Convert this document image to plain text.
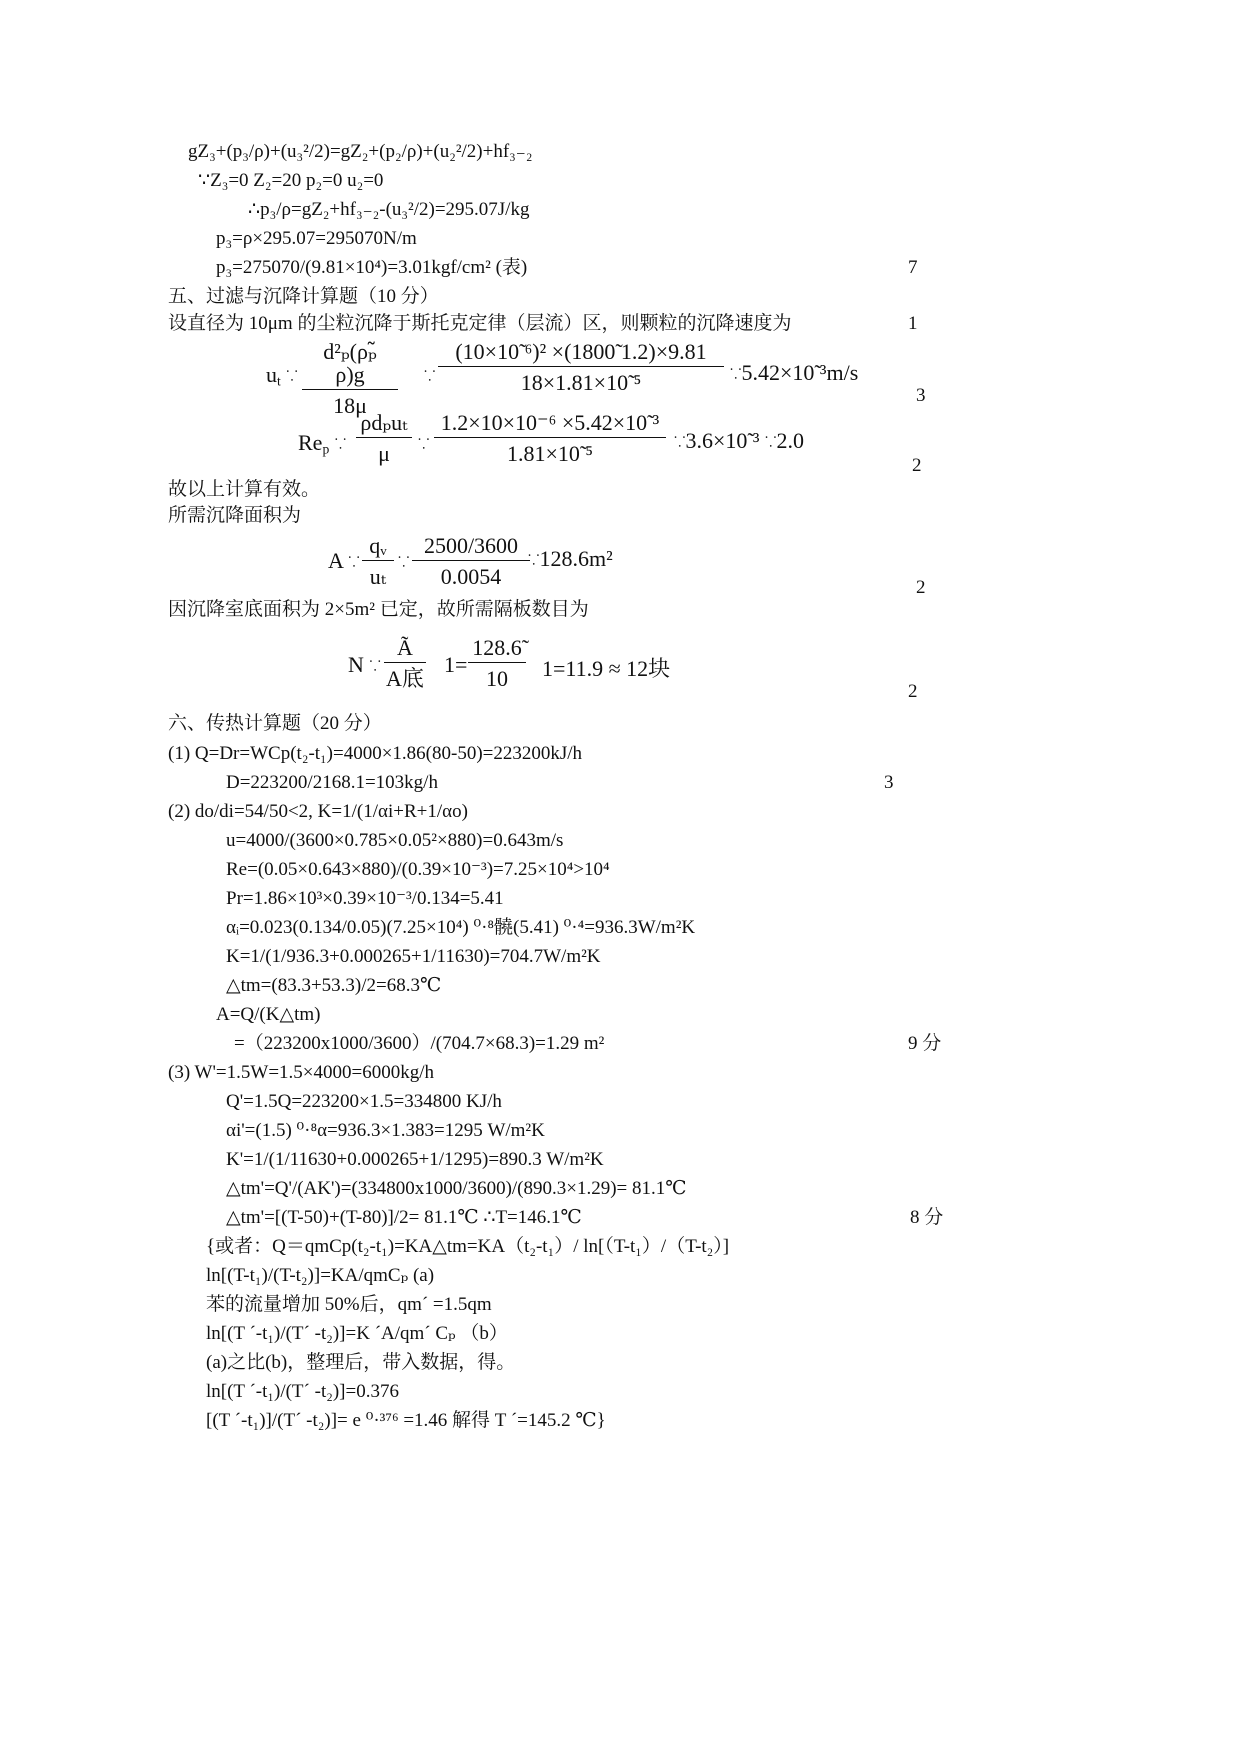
gZ₃+(p₃/ρ)+(u₃²/2)=gZ₂+(p₂/ρ)+(u₂²/2)+hf₃₋₂
∵Z₃=0 Z₂=20 p₂=0 u₂=0
∴p₃/ρ=gZ₂+hf₃₋₂-(u₃²/2)=295.07J/kg
p₃=ρ×295.07=295070N/m
p₃=275070/(9.81×10⁴)=3.01kgf/cm² (表)	7
五、过滤与沉降计算题（10 分）
设直径为 10μm 的尘粒沉降于斯托克定律（层流）区，则颗粒的沉降速度为	1
$u_t$ ⸪ $\frac{\text{d²ₚ(ρₚ̃ ρ)g}}{18\mu}$ ⸪ $\frac{\text{(10×10̃ ⁶)² ×(1800̃ 1.2)×9.81}}{\text{18×1.81×10̃ ⁵}}$ ⸪5.42×10̃ ³m/s
3
$Re_p$ ⸪
ρdₚuₜ
μ	⸪ $\frac{\text{1.2×10×10⁻⁶ ×5.42×10̃ ³}}{\text{1.81×10̃ ⁵}}$ ⸪3.6×10̃ ³ ⸪2.0
2
故以上计算有效。
所需沉降面积为
A ⸪ $\frac{\text{qᵥ}}{\text{uₜ}}$ ⸪ $\frac{2500/3600}{0.0054}$
⸪128.6m²
2
因沉降室底面积为 2×5m² 已定，故所需隔板数目为
N ⸪
Ã
A底
$1= \frac{128.6̃}{10} 1=11.9 \approx 12$块
2
六、传热计算题（20 分）
(1) Q=Dr=WCp(t₂-t₁)=4000×1.86(80-50)=223200kJ/h
D=223200/2168.1=103kg/h	3
(2) do/di=54/50<2, K=1/(1/αi+R+1/αo)
u=4000/(3600×0.785×0.05²×880)=0.643m/s
Re=(0.05×0.643×880)/(0.39×10⁻³)=7.25×10⁴>10⁴
Pr=1.86×10³×0.39×10⁻³/0.134=5.41
αᵢ=0.023(0.134/0.05)(7.25×10⁴) ⁰·⁸髐(5.41) ⁰·⁴=936.3W/m²K
K=1/(1/936.3+0.000265+1/11630)=704.7W/m²K
△tm=(83.3+53.3)/2=68.3℃
A=Q/(K△tm)
=（223200x1000/3600）/(704.7×68.3)=1.29 m²	9 分
(3) W'=1.5W=1.5×4000=6000kg/h
Q'=1.5Q=223200×1.5=334800 KJ/h
αi'=(1.5) ⁰·⁸α=936.3×1.383=1295 W/m²K
K'=1/(1/11630+0.000265+1/1295)=890.3 W/m²K
△tm'=Q'/(AK')=(334800x1000/3600)/(890.3×1.29)= 81.1℃
△tm'=[(T-50)+(T-80)]/2= 81.1℃ ∴T=146.1℃	8 分
{或者：Q＝qmCp(t₂-t₁)=KA△tm=KA（t₂-t₁）/ ln[（T-t₁）/（T-t₂）]
ln[(T-t₁)/(T-t₂)]=KA/qmCₚ (a)
苯的流量增加 50%后，qmˊ =1.5qm
ln[(T ˊ-t₁)/(Tˊ -t₂)]=K ˊA/qmˊ Cₚ （b）
(a)之比(b)，整理后，带入数据，得。
ln[(T ˊ-t₁)/(Tˊ -t₂)]=0.376
[(T ˊ-t₁)]/(Tˊ -t₂)]= e ⁰·³⁷⁶ =1.46 解得 T ˊ=145.2 ℃}
